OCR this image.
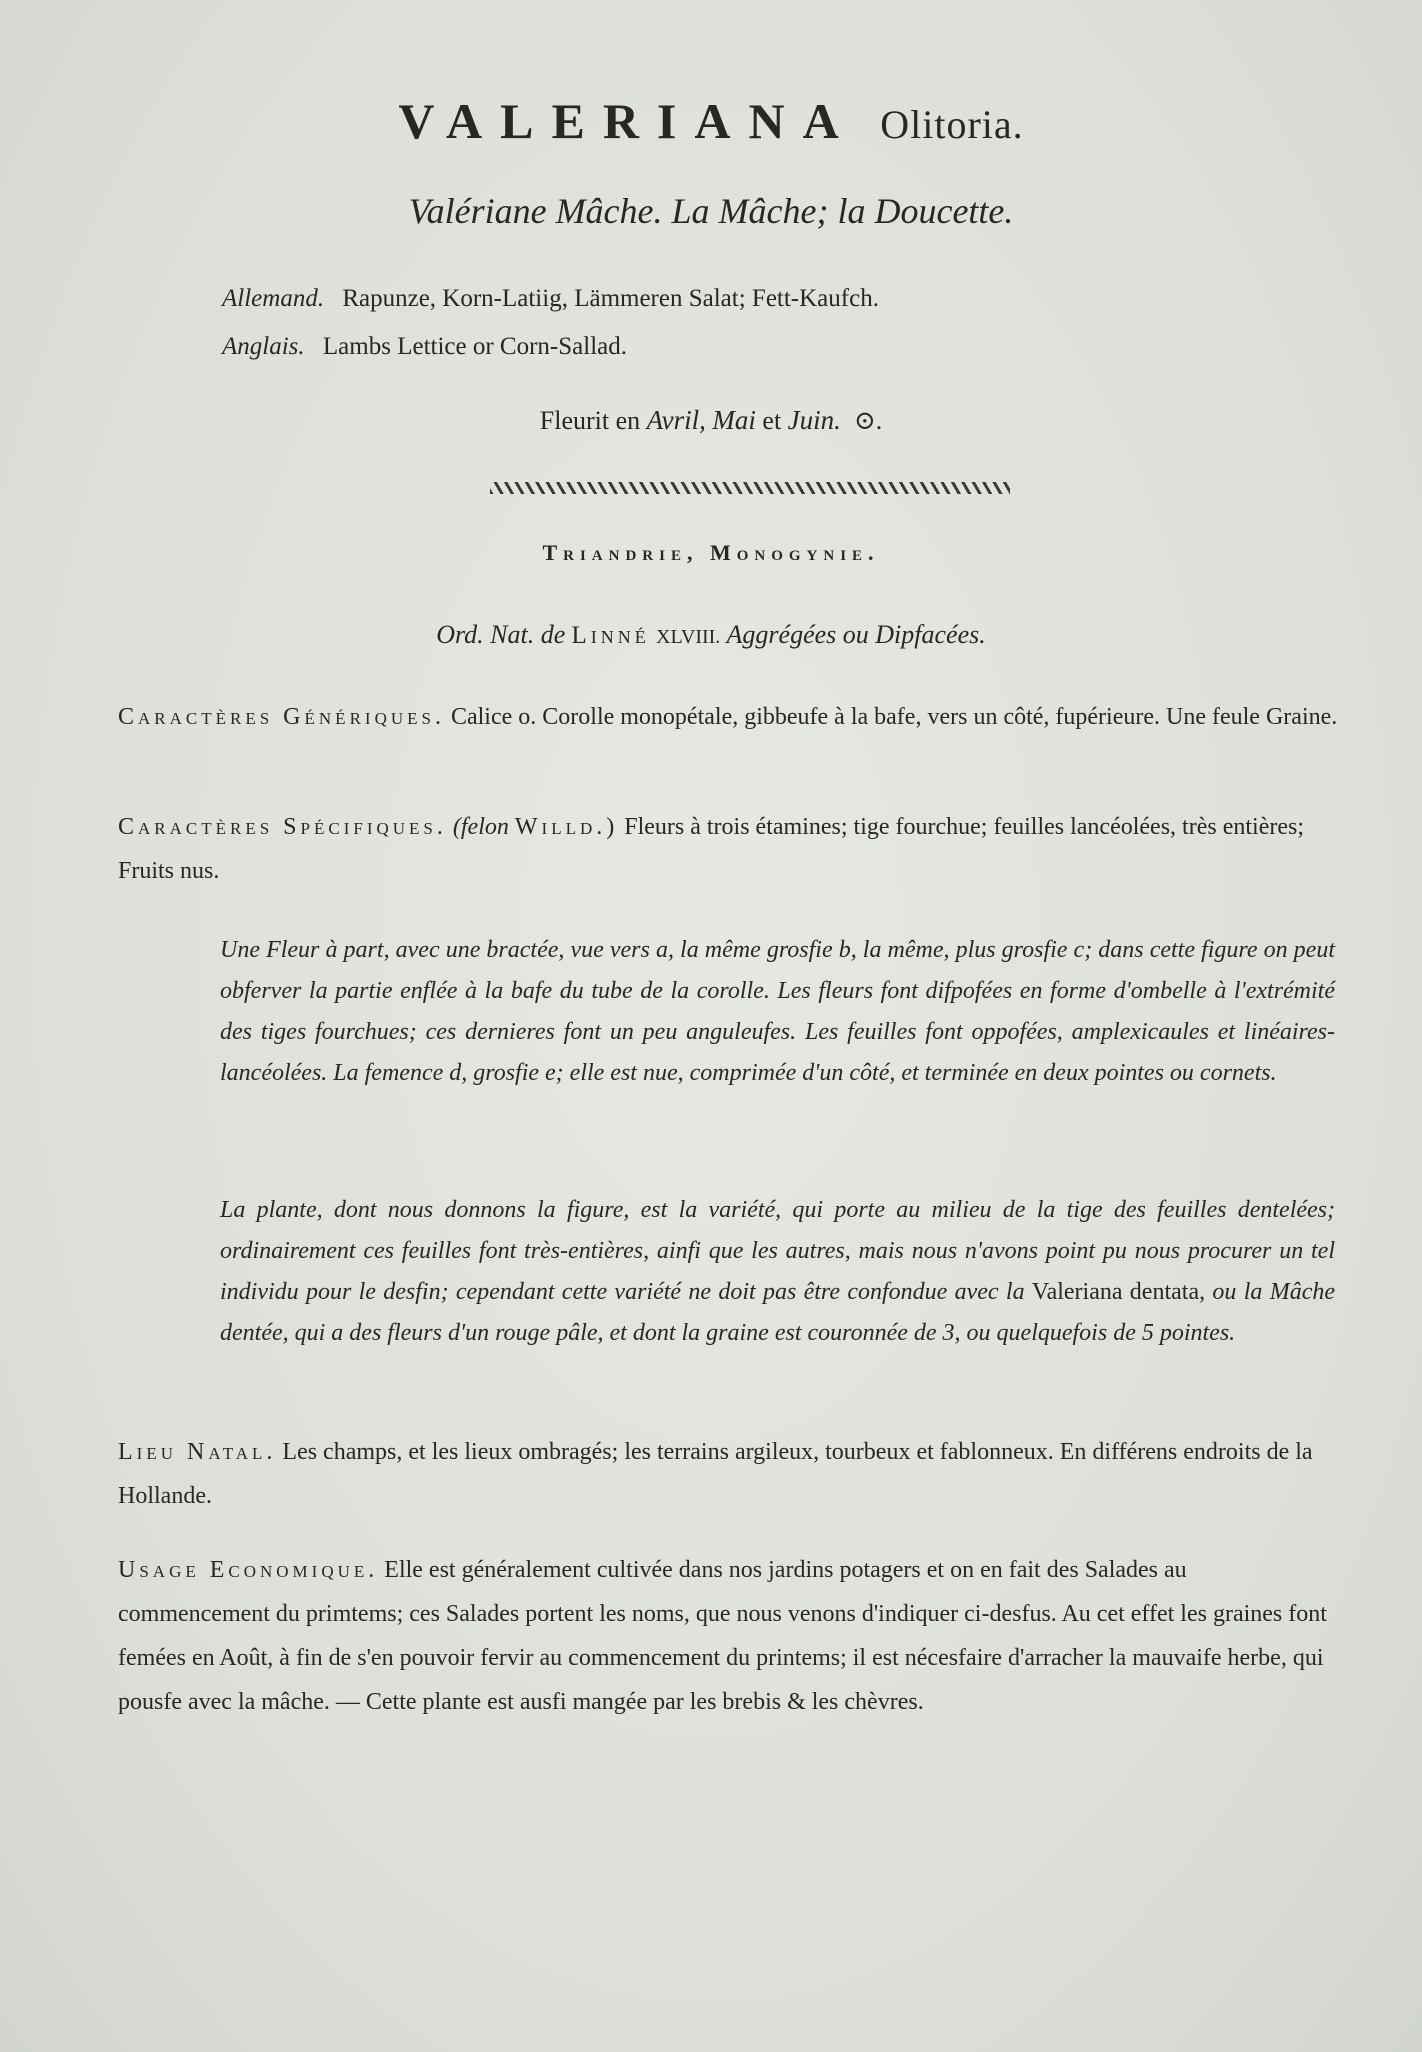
VALERIANA Olitoria.
Valériane Mâche. La Mâche; la Doucette.
Allemand. Rapunze, Korn-Latiig, Lämmeren Salat; Fett-Kaufch.
Anglais. Lambs Lettice or Corn-Sallad.
Fleurit en Avril, Mai et Juin. ⊙.
Triandrie, Monogynie.
Ord. Nat. de Linné XLVIII. Aggrégées ou Dipfacées.
Caractères Génériques. Calice o. Corolle monopétale, gibbeufe à la bafe, vers un côté, fupérieure. Une feule Graine.
Caractères Spécifiques. (felon Willd.) Fleurs à trois étamines; tige fourchue; feuilles lancéolées, très entières; Fruits nus.
Une Fleur à part, avec une bractée, vue vers a, la même grosfie b, la même, plus grosfie c; dans cette figure on peut obferver la partie enflée à la bafe du tube de la corolle. Les fleurs font difpofées en forme d'ombelle à l'extrémité des tiges fourchues; ces dernieres font un peu anguleufes. Les feuilles font oppofées, amplexicaules et linéaires-lancéolées. La femence d, grosfie e; elle est nue, comprimée d'un côté, et terminée en deux pointes ou cornets.
La plante, dont nous donnons la figure, est la variété, qui porte au milieu de la tige des feuilles dentelées; ordinairement ces feuilles font très-entières, ainfi que les autres, mais nous n'avons point pu nous procurer un tel individu pour le desfin; cependant cette variété ne doit pas être confondue avec la Valeriana dentata, ou la Mâche dentée, qui a des fleurs d'un rouge pâle, et dont la graine est couronnée de 3, ou quelquefois de 5 pointes.
Lieu Natal. Les champs, et les lieux ombragés; les terrains argileux, tourbeux et fablonneux. En différens endroits de la Hollande.
Usage Economique. Elle est généralement cultivée dans nos jardins potagers et on en fait des Salades au commencement du primtems; ces Salades portent les noms, que nous venons d'indiquer ci-desfus. Au cet effet les graines font femées en Août, à fin de s'en pouvoir fervir au commencement du printems; il est nécesfaire d'arracher la mauvaife herbe, qui pousfe avec la mâche. — Cette plante est ausfi mangée par les brebis & les chèvres.
